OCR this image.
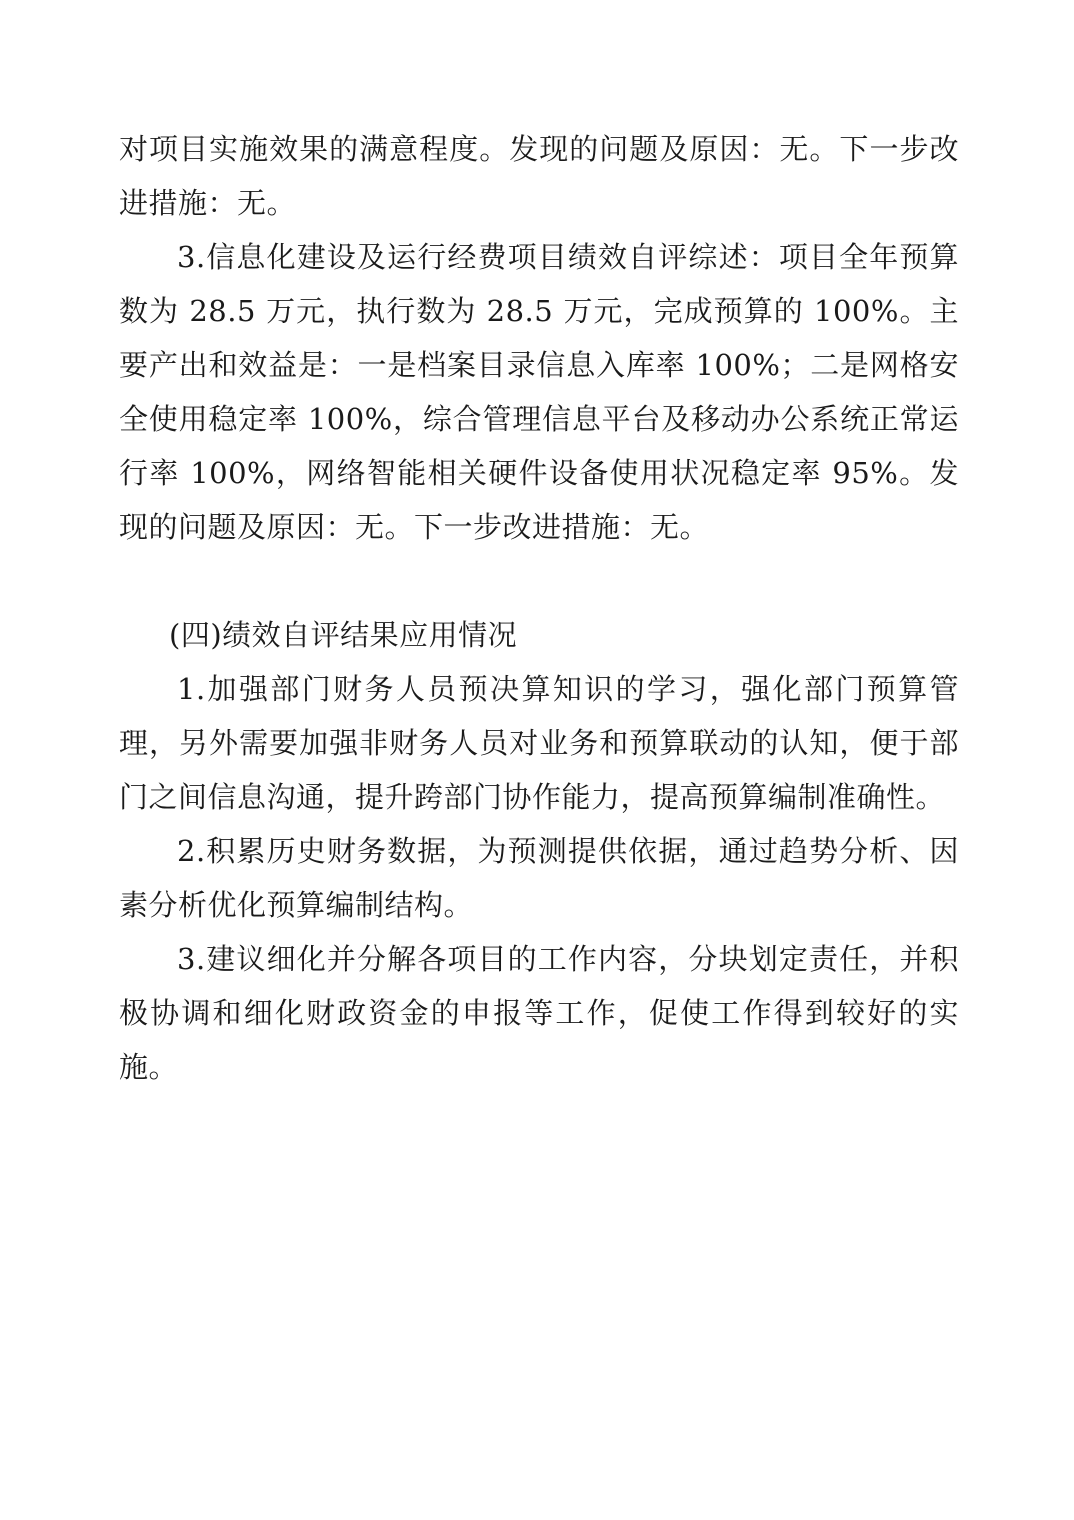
对项目实施效果的满意程度。发现的问题及原因：无。下一步改进措施：无。

3.信息化建设及运行经费项目绩效自评综述：项目全年预算数为 28.5 万元，执行数为 28.5 万元，完成预算的 100%。主要产出和效益是：一是档案目录信息入库率 100%；二是网格安全使用稳定率 100%，综合管理信息平台及移动办公系统正常运行率 100%，网络智能相关硬件设备使用状况稳定率 95%。发现的问题及原因：无。下一步改进措施：无。

(四)绩效自评结果应用情况

1.加强部门财务人员预决算知识的学习，强化部门预算管理，另外需要加强非财务人员对业务和预算联动的认知，便于部门之间信息沟通，提升跨部门协作能力，提高预算编制准确性。

2.积累历史财务数据，为预测提供依据，通过趋势分析、因素分析优化预算编制结构。

3.建议细化并分解各项目的工作内容，分块划定责任，并积极协调和细化财政资金的申报等工作，促使工作得到较好的实施。
